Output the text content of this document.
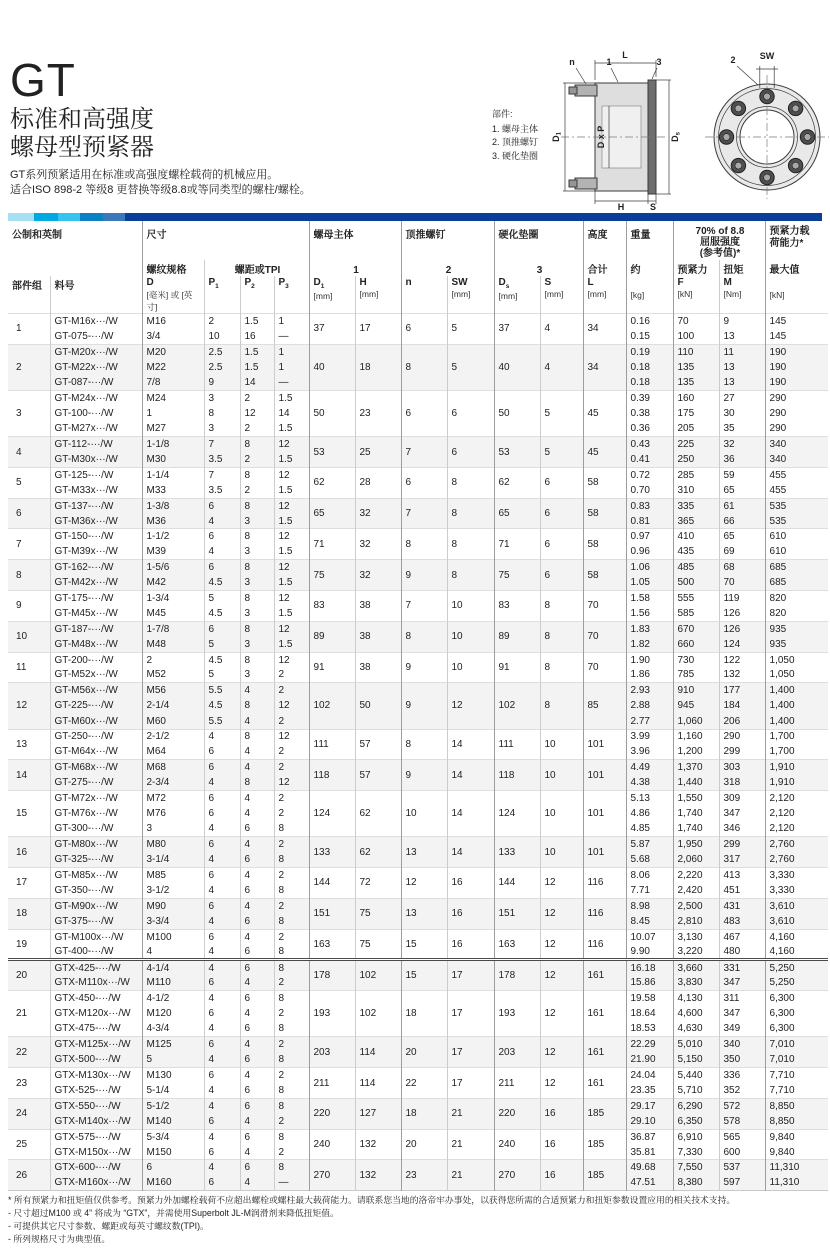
GT
标准和高强度
螺母型预紧器
GT系列预紧适用在标准或高强度螺栓载荷的机械应用。
适合ISO 898-2 等级8 更替换等级8.8或等同类型的螺柱/螺栓。
部件:
1. 螺母主体
2. 顶推螺钉
3. 硬化垫圈
L
n	1	3
D1	D x P	Ds
H	S
SW
2
公制和英制		尺寸				螺母主体		顶推螺钉		硬化垫圈		高度	重量	70% of 8.8
屈服强度
(参考值)*		预紧力载
荷能力*

		螺纹规格	螺距或TPI			1		2		3		合计	约	预紧力	扭矩	最大值
部件组	料号	D
[毫米] 或 [英寸]	$P_1$	$P_2$	$P_3$	$D_1$
[mm]	H
[mm]	n	SW
[mm]	$D_s$
[mm]	S
[mm]	L
[mm]	[kg]	F
[kN]	M
[Nm]	[kN]

1	GT-M16x···/W	M16	2	1.5	1	37	17	6	5	37	4	34	0.16	70	9	145
	GT-075-···/W	3/4	10	16	—								0.15	100	13	145
2	GT-M20x···/W	M20	2.5	1.5	1	40	18	8	5	40	4	34	0.19	110	11	190
	GT-M22x···/W	M22	2.5	1.5	1								0.18	135	13	190
	GT-087-···/W	7/8	9	14	—								0.18	135	13	190
3	GT-M24x···/W	M24	3	2	1.5	50	23	6	6	50	5	45	0.39	160	27	290
	GT-100-···/W	1	8	12	14								0.38	175	30	290
	GT-M27x···/W	M27	3	2	1.5								0.36	205	35	290
4	GT-112-···/W	1-1/8	7	8	12	53	25	7	6	53	5	45	0.43	225	32	340
	GT-M30x···/W	M30	3.5	2	1.5								0.41	250	36	340
5	GT-125-···/W	1-1/4	7	8	12	62	28	6	8	62	6	58	0.72	285	59	455
	GT-M33x···/W	M33	3.5	2	1.5								0.70	310	65	455
6	GT-137-···/W	1-3/8	6	8	12	65	32	7	8	65	6	58	0.83	335	61	535
	GT-M36x···/W	M36	4	3	1.5								0.81	365	66	535
7	GT-150-···/W	1-1/2	6	8	12	71	32	8	8	71	6	58	0.97	410	65	610
	GT-M39x···/W	M39	4	3	1.5								0.96	435	69	610
8	GT-162-···/W	1-5/6	6	8	12	75	32	9	8	75	6	58	1.06	485	68	685
	GT-M42x···/W	M42	4.5	3	1.5								1.05	500	70	685
9	GT-175-···/W	1-3/4	5	8	12	83	38	7	10	83	8	70	1.58	555	119	820
	GT-M45x···/W	M45	4.5	3	1.5								1.56	585	126	820
10	GT-187-···/W	1-7/8	6	8	12	89	38	8	10	89	8	70	1.83	670	126	935
	GT-M48x···/W	M48	5	3	1.5								1.82	660	124	935
11	GT-200-···/W	2	4.5	8	12	91	38	9	10	91	8	70	1.90	730	122	1,050
	GT-M52x···/W	M52	5	3	2								1.86	785	132	1,050
12	GT-M56x···/W	M56	5.5	4	2	102	50	9	12	102	8	85	2.93	910	177	1,400
	GT-225-···/W	2-1/4	4.5	8	12								2.88	945	184	1,400
	GT-M60x···/W	M60	5.5	4	2								2.77	1,060	206	1,400
13	GT-250-···/W	2-1/2	4	8	12	111	57	8	14	111	10	101	3.99	1,160	290	1,700
	GT-M64x···/W	M64	6	4	2								3.96	1,200	299	1,700
14	GT-M68x···/W	M68	6	4	2	118	57	9	14	118	10	101	4.49	1,370	303	1,910
	GT-275-···/W	2-3/4	4	8	12								4.38	1,440	318	1,910
15	GT-M72x···/W	M72	6	4	2	124	62	10	14	124	10	101	5.13	1,550	309	2,120
	GT-M76x···/W	M76	6	4	2								4.86	1,740	347	2,120
	GT-300-···/W	3	4	6	8								4.85	1,740	346	2,120
16	GT-M80x···/W	M80	6	4	2	133	62	13	14	133	10	101	5.87	1,950	299	2,760
	GT-325-···/W	3-1/4	4	6	8								5.68	2,060	317	2,760
17	GT-M85x···/W	M85	6	4	2	144	72	12	16	144	12	116	8.06	2,220	413	3,330
	GT-350-···/W	3-1/2	4	6	8								7.71	2,420	451	3,330
18	GT-M90x···/W	M90	6	4	2	151	75	13	16	151	12	116	8.98	2,500	431	3,610
	GT-375-···/W	3-3/4	4	6	8								8.45	2,810	483	3,610
19	GT-M100x···/W	M100	6	4	2	163	75	15	16	163	12	116	10.07	3,130	467	4,160
	GT-400-···/W	4	4	6	8								9.90	3,220	480	4,160
20	GTX-425-···/W	4-1/4	4	6	8	178	102	15	17	178	12	161	16.18	3,660	331	5,250
	GTX-M110x···/W	M110	6	4	2								15.86	3,830	347	5,250
21	GTX-450-···/W	4-1/2	4	6	8	193	102	18	17	193	12	161	19.58	4,130	311	6,300
	GTX-M120x···/W	M120	6	4	2								18.64	4,600	347	6,300
	GTX-475-···/W	4-3/4	4	6	8								18.53	4,630	349	6,300
22	GTX-M125x···/W	M125	6	4	2	203	114	20	17	203	12	161	22.29	5,010	340	7,010
	GTX-500-···/W	5	4	6	8								21.90	5,150	350	7,010
23	GTX-M130x···/W	M130	6	4	2	211	114	22	17	211	12	161	24.04	5,440	336	7,710
	GTX-525-···/W	5-1/4	4	6	8								23.35	5,710	352	7,710
24	GTX-550-···/W	5-1/2	4	6	8	220	127	18	21	220	16	185	29.17	6,290	572	8,850
	GTX-M140x···/W	M140	6	4	2								29.10	6,350	578	8,850
25	GTX-575-···/W	5-3/4	4	6	8	240	132	20	21	240	16	185	36.87	6,910	565	9,840
	GTX-M150x···/W	M150	6	4	2								35.81	7,330	600	9,840
26	GTX-600-···/W	6	4	6	8	270	132	23	21	270	16	185	49.68	7,550	537	11,310
	GTX-M160x···/W	M160	6	4	—								47.51	8,380	597	11,310
* 所有预紧力和扭矩值仅供参考。预紧力外加螺栓载荷不应超出螺栓或螺柱最大载荷能力。请联系您当地的洛帝牢办事处，以获得您所需的合适预紧力和扭矩参数设置应用的相关技术支持。
- 尺寸超过M100 或 4” 将成为 “GTX”，并需使用Superbolt JL-M润滑剂来降低扭矩值。
- 可提供其它尺寸参数、螺距或每英寸螺纹数(TPI)。
- 所列规格尺寸为典型值。
